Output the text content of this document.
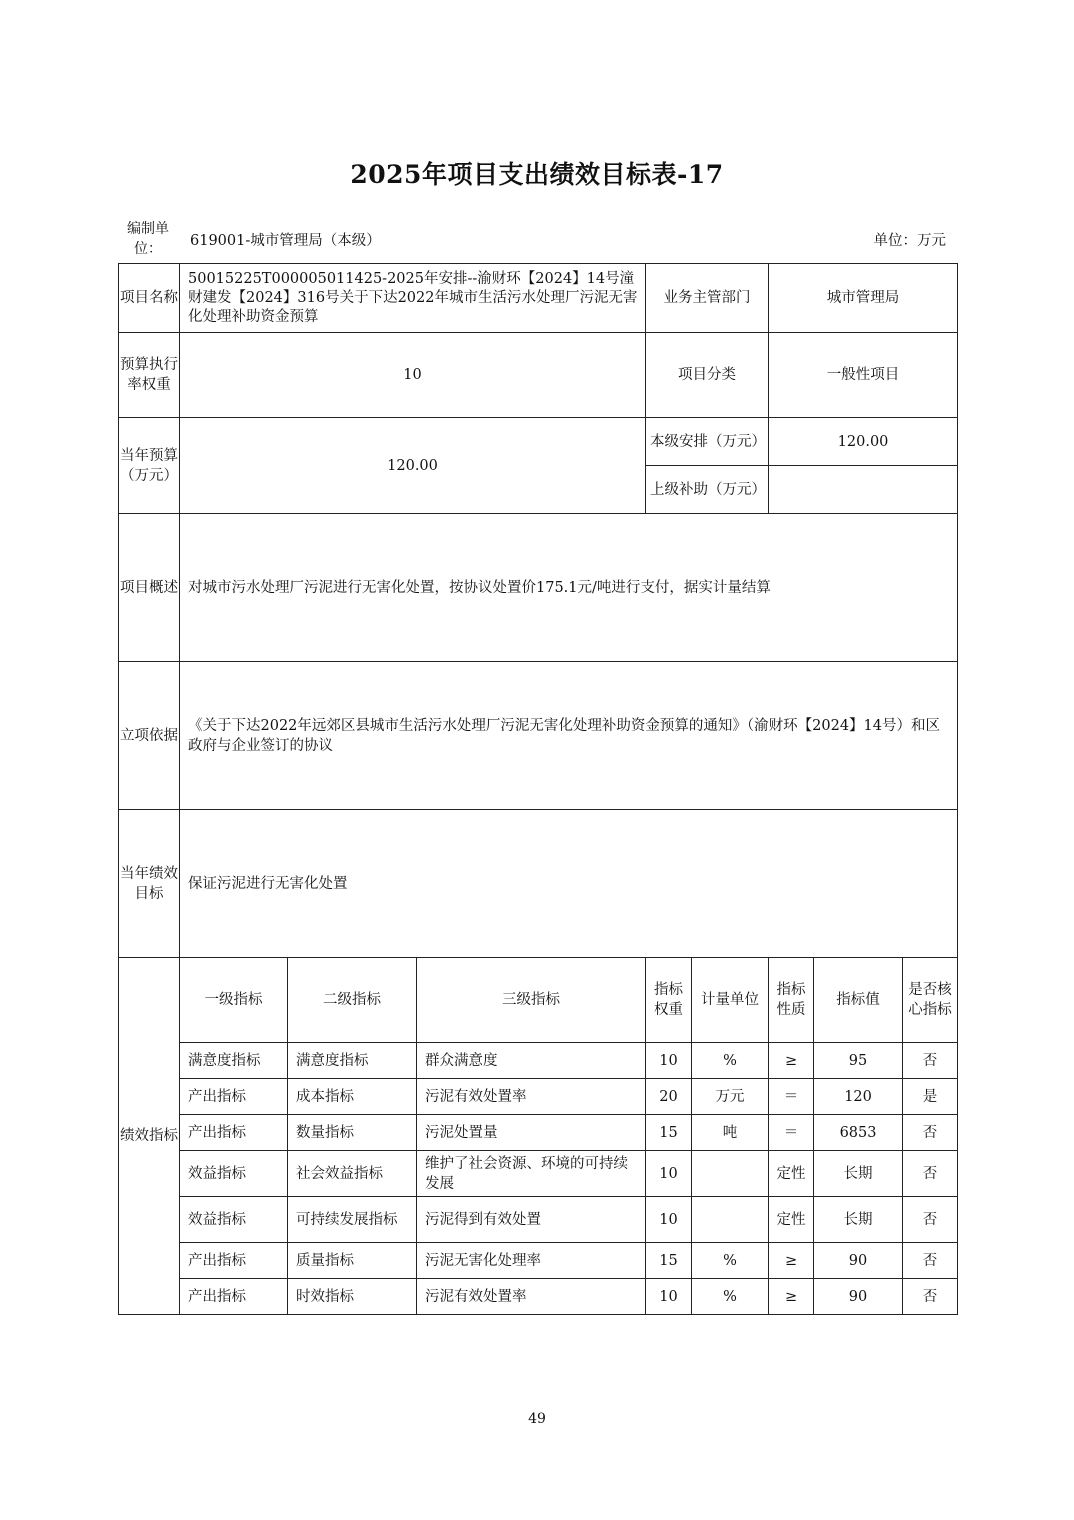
2025年项目支出绩效目标表-17
编制单位：	619001-城市管理局（本级）	单位：万元
项目名称	50015225T000005011425-2025年安排--渝财环【2024】14号潼财建发【2024】316号关于下达2022年城市生活污水处理厂污泥无害化处理补助资金预算			业务主管部门		城市管理局		
预算执行率权重	10			项目分类		一般性项目		
当年预算（万元）	120.00			本级安排（万元）		120.00		
				上级补助（万元）				
项目概述	对城市污水处理厂污泥进行无害化处置，按协议处置价175.1元/吨进行支付，据实计量结算							
立项依据	《关于下达2022年远郊区县城市生活污水处理厂污泥无害化处理补助资金预算的通知》（渝财环【2024】14号）和区政府与企业签订的协议							
当年绩效目标	保证污泥进行无害化处置							
绩效指标	一级指标	二级指标	三级指标	指标权重	计量单位	指标性质	指标值	是否核心指标
	满意度指标	满意度指标	群众满意度	10	%	≥	95	否
	产出指标	成本指标	污泥有效处置率	20	万元	＝	120	是
	产出指标	数量指标	污泥处置量	15	吨	＝	6853	否
	效益指标	社会效益指标	维护了社会资源、环境的可持续发展	10		定性	长期	否
	效益指标	可持续发展指标	污泥得到有效处置	10		定性	长期	否
	产出指标	质量指标	污泥无害化处理率	15	%	≥	90	否
	产出指标	时效指标	污泥有效处置率	10	%	≥	90	否
49
